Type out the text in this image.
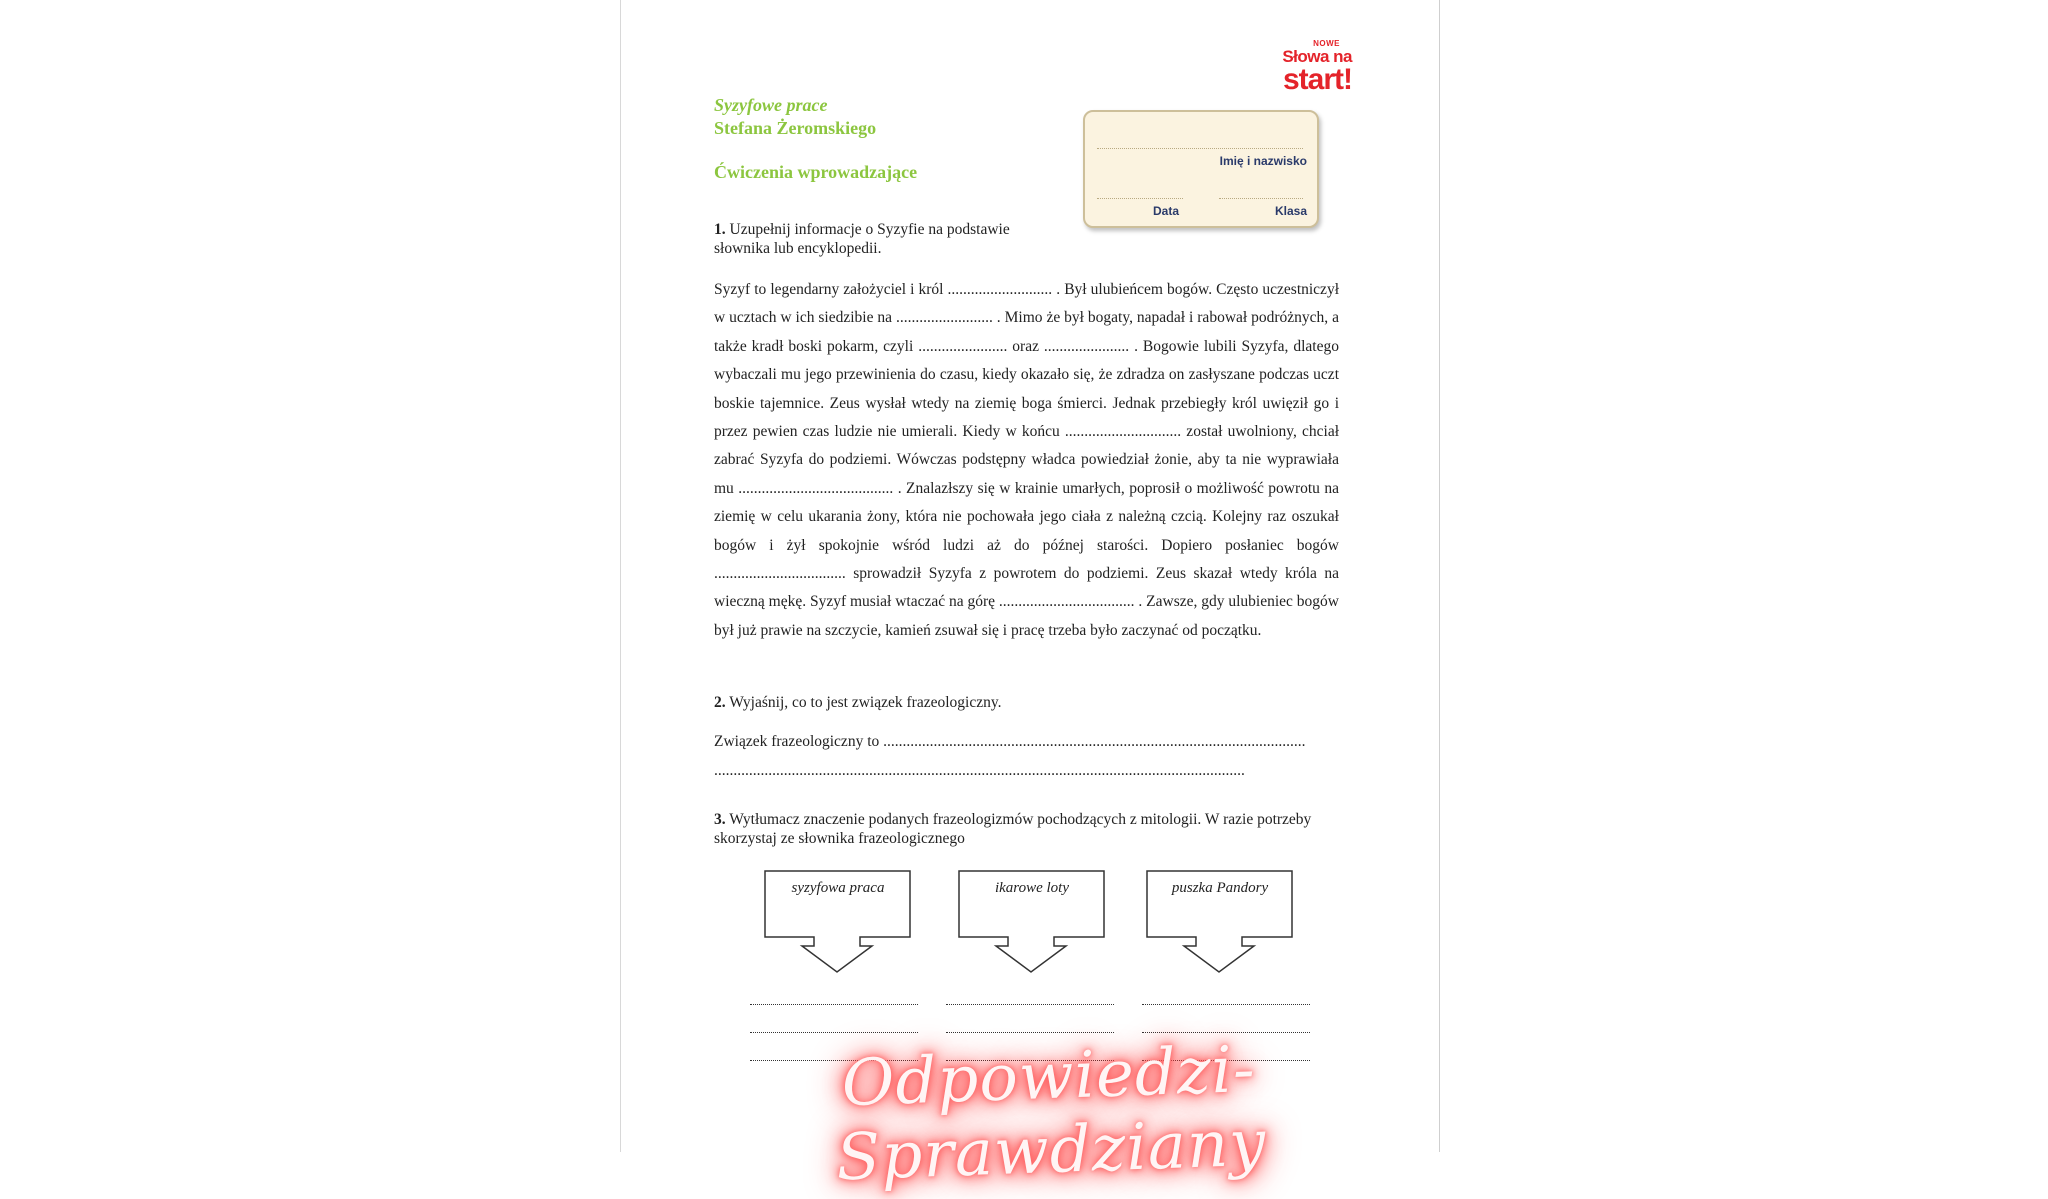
NOWE
Słowa na
start!
Syzyfowe prace
Stefana Żeromskiego
Ćwiczenia wprowadzające
Imię i nazwisko
Data	Klasa
1. Uzupełnij informacje o Syzyfie na podstawie słownika lub encyklopedii.
Syzyf to legendarny założyciel i król ........................... . Był ulubieńcem bogów. Często uczestniczył w ucztach w ich siedzibie na ......................... . Mimo że był bogaty, napadał i rabował podróżnych, a także kradł boski pokarm, czyli ....................... oraz ...................... . Bogowie lubili Syzyfa, dlatego wybaczali mu jego przewinienia do czasu, kiedy okazało się, że zdradza on zasłyszane podczas uczt boskie tajemnice. Zeus wysłał wtedy na ziemię boga śmierci. Jednak przebiegły król uwięził go i przez pewien czas ludzie nie umierali. Kiedy w końcu .............................. został uwolniony, chciał zabrać Syzyfa do podziemi. Wówczas podstępny władca powiedział żonie, aby ta nie wyprawiała mu ........................................ . Znalazłszy się w krainie umarłych, poprosił o możliwość powrotu na ziemię w celu ukarania żony, która nie pochowała jego ciała z należną czcią. Kolejny raz oszukał bogów i żył spokojnie wśród ludzi aż do późnej starości. Dopiero posłaniec bogów .................................. sprowadził Syzyfa z powrotem do podziemi. Zeus skazał wtedy króla na wieczną mękę. Syzyf musiał wtaczać na górę ................................... . Zawsze, gdy ulubieniec bogów był już prawie na szczycie, kamień zsuwał się i pracę trzeba było zaczynać od początku.
2. Wyjaśnij, co to jest związek frazeologiczny.
Związek frazeologiczny to .............................................................................................................
.........................................................................................................................................
3. Wytłumacz znaczenie podanych frazeologizmów pochodzących z mitologii. W razie potrzeby skorzystaj ze słownika frazeologicznego
syzyfowa praca	ikarowe loty	puszka Pandory
Odpowiedzi-Sprawdziany
